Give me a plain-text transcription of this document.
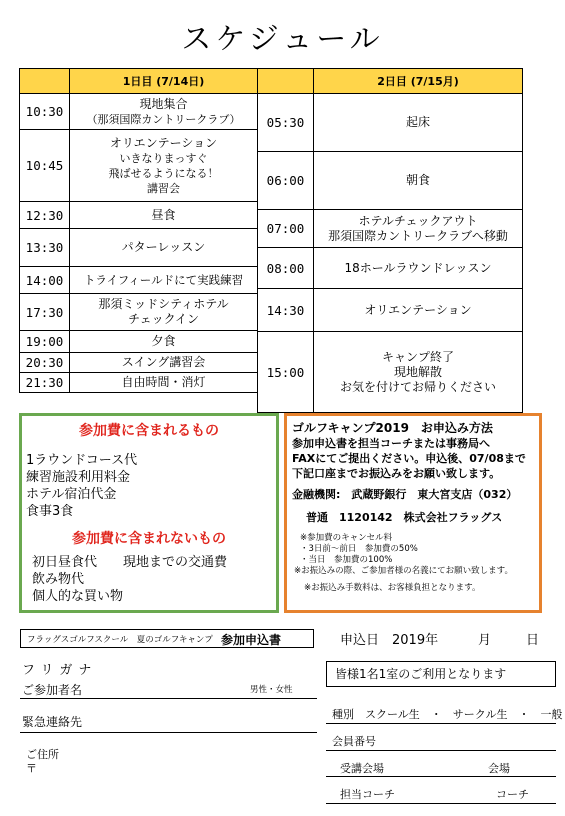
スケジュール
	1日目 (7/14日)
10:30	現地集合
（那須国際カントリークラブ）

10:45	オリエンテーション
いきなりまっすぐ
飛ばせるようになる！
講習会

12:30	昼食
13:30	パターレッスン
14:00	トライフィールドにて実践練習
17:30	那須ミッドシティホテル
チェックイン

19:00	夕食
20:30	スイング講習会
21:30	自由時間・消灯
	2日目 (7/15月)
05:30	起床
06:00	朝食
07:00	ホテルチェックアウト
那須国際カントリークラブへ移動

08:00	18ホールラウンドレッスン
14:30	オリエンテーション
15:00	キャンプ終了
現地解散
お気を付けてお帰りください
参加費に含まれるもの
1ラウンドコース代
練習施設利用料金
ホテル宿泊代金
食事3食
参加費に含まれないもの
初日昼食代 現地までの交通費
飲み物代
個人的な買い物
ゴルフキャンプ2019　お申込み方法
参加申込書を担当コーチまたは事務局へ
FAXにてご提出ください。申込後、07/08まで
下記口座までお振込みをお願い致します。
金融機関:　武蔵野銀行　東大宮支店（032）
普通　1120142　株式会社フラッグス
※参加費のキャンセル料
・3日前～前日　参加費の50%
・当日　参加費の100%
※お振込みの際、ご参加者様の名義にてお願い致します。
※お振込み手数料は、お客様負担となります。
フラッグスゴルフスクール　夏のゴルフキャンプ 参加申込書	申込日　2019年	月	日
フリガナ
ご参加者名	男性・女性
皆様1名1室のご利用となります
緊急連絡先
種別　スクール生　・　サークル生　・　一般
ご住所
〒
会員番号
受講会場	会場
担当コーチ	コーチ
